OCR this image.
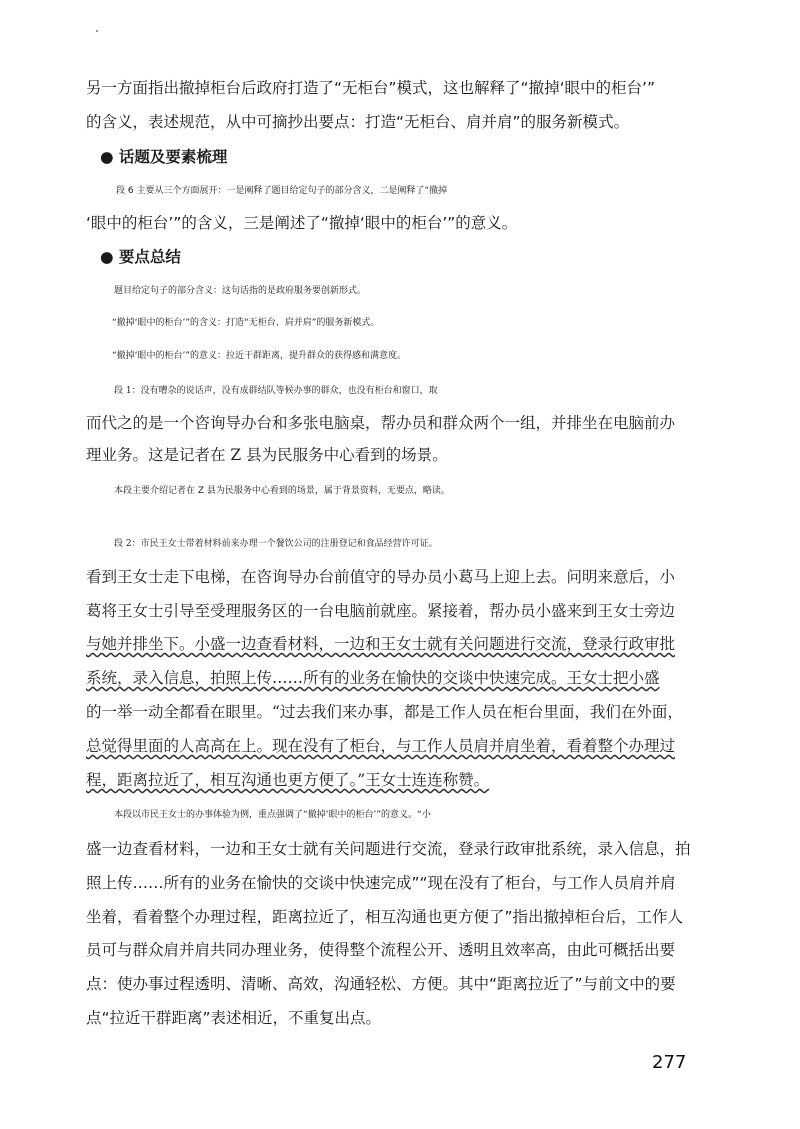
另一方面指出撤掉柜台后政府打造了“无柜台”模式，这也解释了“撤掉‘眼中的柜台’”
的含义，表述规范，从中可摘抄出要点：打造“无柜台、肩并肩”的服务新模式。
● 话题及要素梳理
段 6 主要从三个方面展开：一是阐释了题目给定句子的部分含义，二是阐释了“撤掉
‘眼中的柜台’”的含义，三是阐述了“撤掉‘眼中的柜台’”的意义。
● 要点总结
题目给定句子的部分含义：这句话指的是政府服务要创新形式。
“撤掉‘眼中的柜台’”的含义：打造“无柜台、肩并肩”的服务新模式。
“撤掉‘眼中的柜台’”的意义：拉近干群距离，提升群众的获得感和满意度。
段 1：没有嘈杂的说话声，没有成群结队等候办事的群众，也没有柜台和窗口，取
而代之的是一个咨询导办台和多张电脑桌，帮办员和群众两个一组，并排坐在电脑前办
理业务。这是记者在 Z 县为民服务中心看到的场景。
本段主要介绍记者在 Z 县为民服务中心看到的场景，属于背景资料，无要点，略读。
段 2：市民王女士带着材料前来办理一个餐饮公司的注册登记和食品经营许可证。
看到王女士走下电梯，在咨询导办台前值守的导办员小葛马上迎上去。问明来意后，小
葛将王女士引导至受理服务区的一台电脑前就座。紧接着，帮办员小盛来到王女士旁边
与她并排坐下。小盛一边查看材料，一边和王女士就有关问题进行交流，登录行政审批
系统，录入信息，拍照上传……所有的业务在愉快的交谈中快速完成。王女士把小盛
的一举一动全都看在眼里。“过去我们来办事，都是工作人员在柜台里面，我们在外面，
总觉得里面的人高高在上。现在没有了柜台，与工作人员肩并肩坐着，看着整个办理过
程，距离拉近了，相互沟通也更方便了。”王女士连连称赞。
本段以市民王女士的办事体验为例，重点强调了“撤掉‘眼中的柜台’”的意义。“小
盛一边查看材料，一边和王女士就有关问题进行交流，登录行政审批系统，录入信息，拍
照上传……所有的业务在愉快的交谈中快速完成”“现在没有了柜台，与工作人员肩并肩
坐着，看着整个办理过程，距离拉近了，相互沟通也更方便了”指出撤掉柜台后，工作人
员可与群众肩并肩共同办理业务，使得整个流程公开、透明且效率高，由此可概括出要
点：使办事过程透明、清晰、高效，沟通轻松、方便。其中“距离拉近了”与前文中的要
点“拉近干群距离”表述相近，不重复出点。
277
